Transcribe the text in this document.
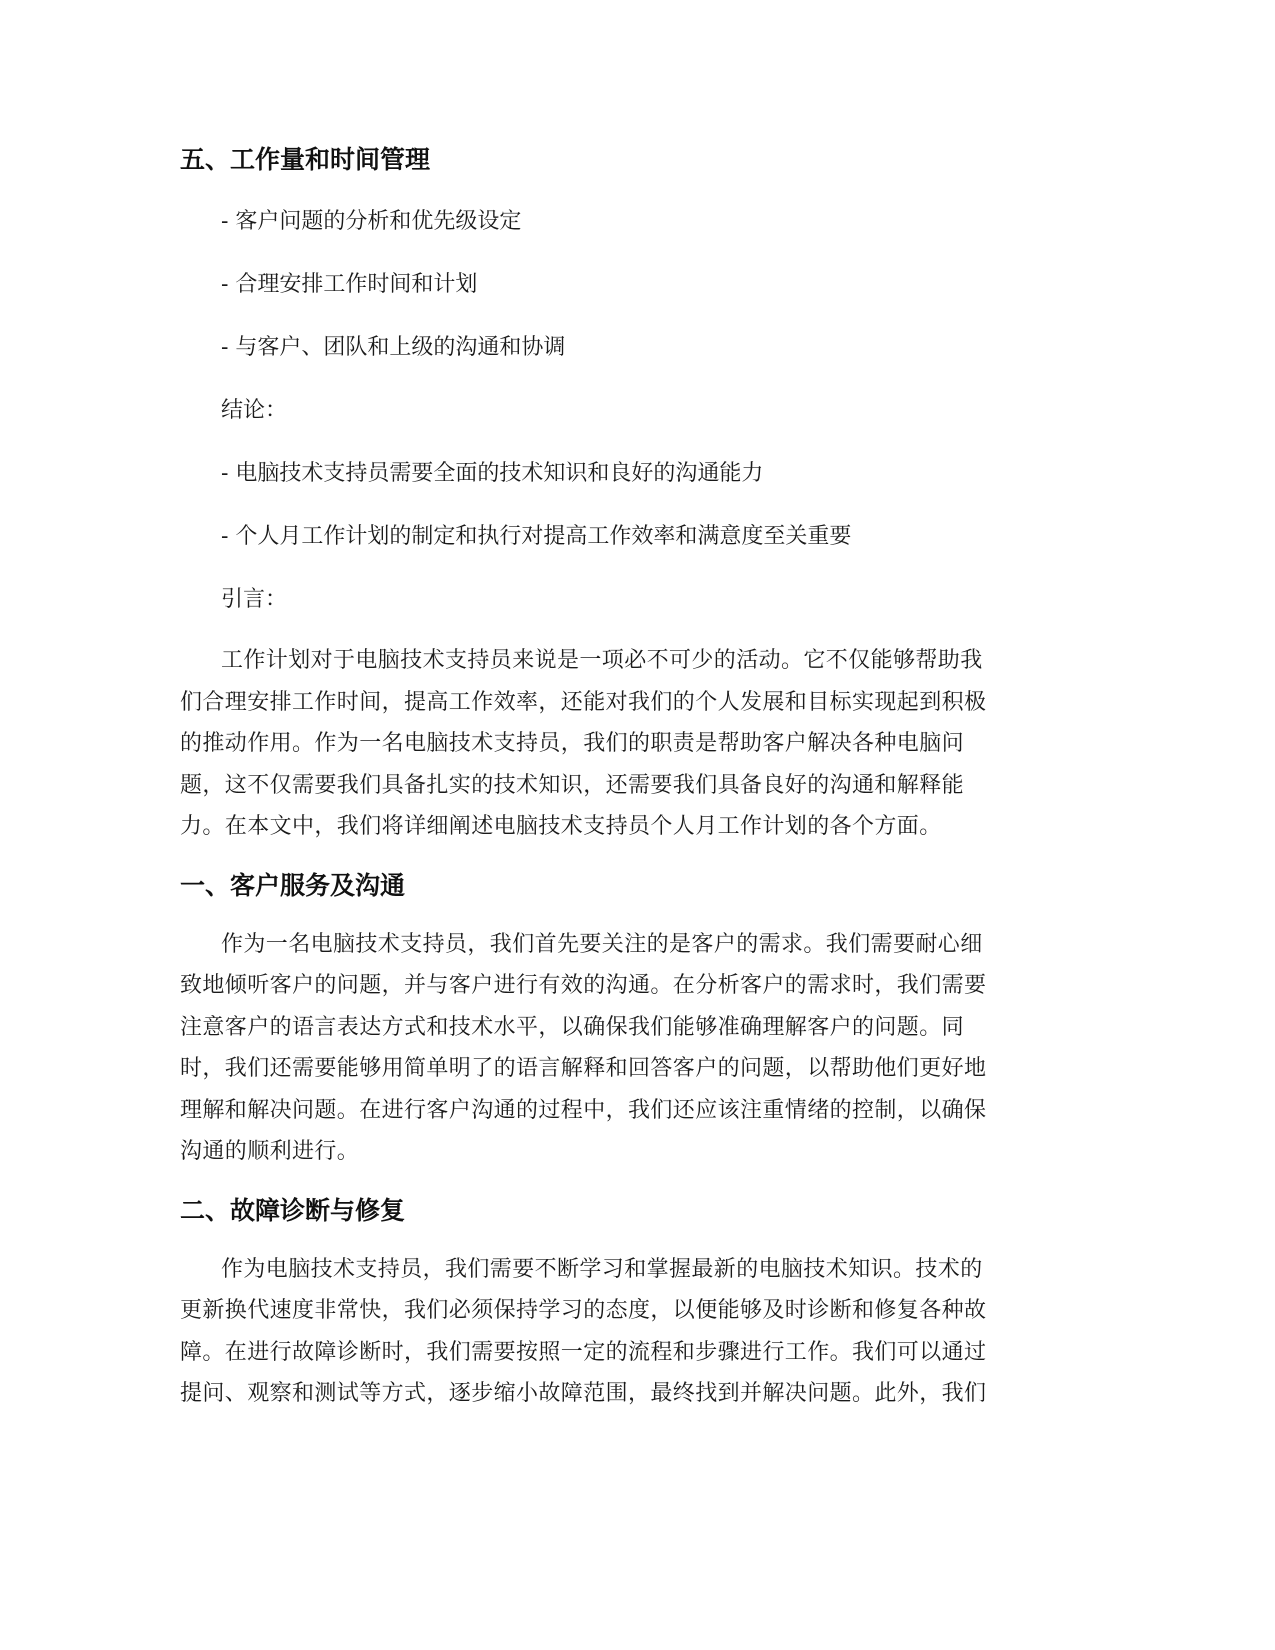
五、工作量和时间管理

- 客户问题的分析和优先级设定

- 合理安排工作时间和计划

- 与客户、团队和上级的沟通和协调

结论：

- 电脑技术支持员需要全面的技术知识和良好的沟通能力

- 个人月工作计划的制定和执行对提高工作效率和满意度至关重要

引言：

工作计划对于电脑技术支持员来说是一项必不可少的活动。它不仅能够帮助我
们合理安排工作时间，提高工作效率，还能对我们的个人发展和目标实现起到积极
的推动作用。作为一名电脑技术支持员，我们的职责是帮助客户解决各种电脑问
题，这不仅需要我们具备扎实的技术知识，还需要我们具备良好的沟通和解释能
力。在本文中，我们将详细阐述电脑技术支持员个人月工作计划的各个方面。
一、客户服务及沟通
作为一名电脑技术支持员，我们首先要关注的是客户的需求。我们需要耐心细
致地倾听客户的问题，并与客户进行有效的沟通。在分析客户的需求时，我们需要
注意客户的语言表达方式和技术水平，以确保我们能够准确理解客户的问题。同
时，我们还需要能够用简单明了的语言解释和回答客户的问题，以帮助他们更好地
理解和解决问题。在进行客户沟通的过程中，我们还应该注重情绪的控制，以确保
沟通的顺利进行。
二、故障诊断与修复
作为电脑技术支持员，我们需要不断学习和掌握最新的电脑技术知识。技术的
更新换代速度非常快，我们必须保持学习的态度，以便能够及时诊断和修复各种故
障。在进行故障诊断时，我们需要按照一定的流程和步骤进行工作。我们可以通过
提问、观察和测试等方式，逐步缩小故障范围，最终找到并解决问题。此外，我们
